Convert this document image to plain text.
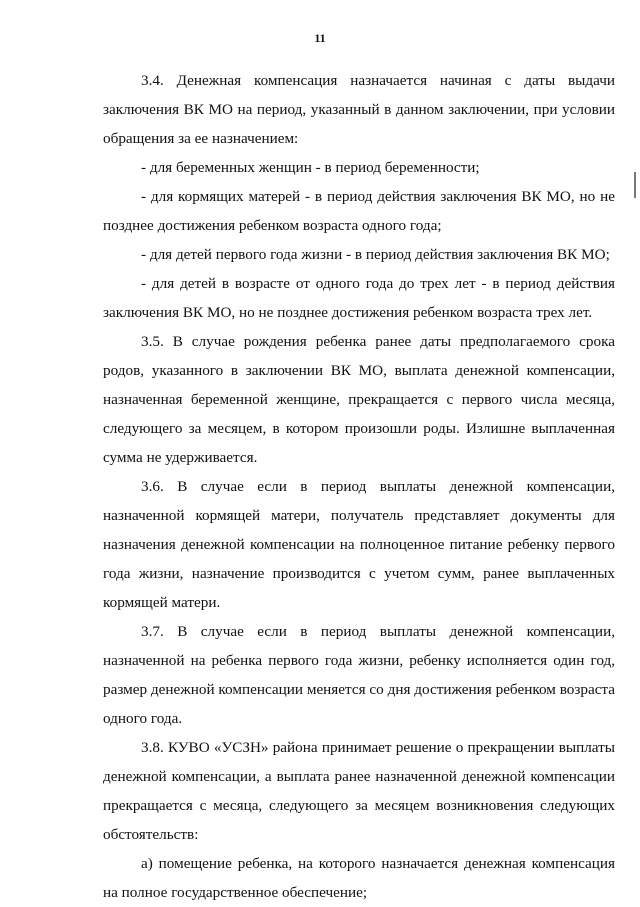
11

3.4. Денежная компенсация назначается начиная с даты выдачи заключения ВК МО на период, указанный в данном заключении, при условии обращения за ее назначением:

- для беременных женщин - в период беременности;

- для кормящих матерей - в период действия заключения ВК МО, но не позднее достижения ребенком возраста одного года;

- для детей первого года жизни - в период действия заключения ВК МО;

- для детей в возрасте от одного года до трех лет - в период действия заключения ВК МО, но не позднее достижения ребенком возраста трех лет.

3.5. В случае рождения ребенка ранее даты предполагаемого срока родов, указанного в заключении ВК МО, выплата денежной компенсации, назначенная беременной женщине, прекращается с первого числа месяца, следующего за месяцем, в котором произошли роды. Излишне выплаченная сумма не удерживается.

3.6. В случае если в период выплаты денежной компенсации, назначенной кормящей матери, получатель представляет документы для назначения денежной компенсации на полноценное питание ребенку первого года жизни, назначение производится с учетом сумм, ранее выплаченных кормящей матери.

3.7. В случае если в период выплаты денежной компенсации, назначенной на ребенка первого года жизни, ребенку исполняется один год, размер денежной компенсации меняется со дня достижения ребенком возраста одного года.

3.8. КУВО «УСЗН» района принимает решение о прекращении выплаты денежной компенсации, а выплата ранее назначенной денежной компенсации прекращается с месяца, следующего за месяцем возникновения следующих обстоятельств:

а) помещение ребенка, на которого назначается денежная компенсация на полное государственное обеспечение;
